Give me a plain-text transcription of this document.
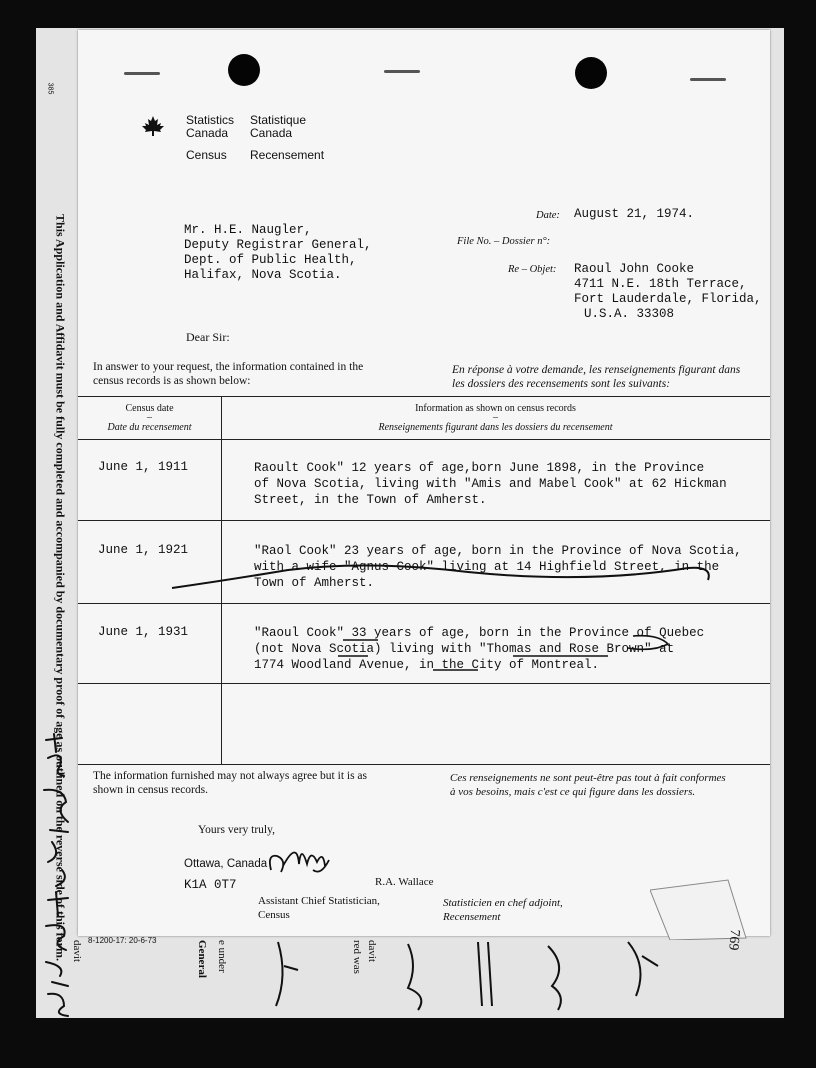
385
This Application and Affidavit must be fully completed and accompanied by documentary proof of age as outlined on the reverse side of this form.
Statistics
Canada
Statistique
Canada
Census Recensement
Mr. H.E. Naugler,
Deputy Registrar General,
Dept. of Public Health,
Halifax, Nova Scotia.
Date: August 21, 1974.
File No. – Dossier n°:
Re – Objet: Raoul John Cooke
4711 N.E. 18th Terrace,
Fort Lauderdale, Florida,
U.S.A. 33308
Dear Sir:
In answer to your request, the information contained in the
census records is as shown below:
En réponse à votre demande, les renseignements figurant dans
les dossiers des recensements sont les suivants:
Census date
–
Date du recensement
Information as shown on census records
–
Renseignements figurant dans les dossiers du recensement
June 1, 1911	Raoult Cook" 12 years of age,born June 1898, in the Province
of Nova Scotia, living with "Amis and Mabel Cook" at 62 Hickman
Street, in the Town of Amherst.
June 1, 1921	"Raol Cook" 23 years of age, born in the Province of Nova Scotia,
with a wife "Agnus Cook" living at 14 Highfield Street, in the
Town of Amherst.
June 1, 1931	"Raoul Cook" 33 years of age, born in the Province of Quebec
(not Nova Scotia) living with "Thomas and Rose Brown" at
1774 Woodland Avenue, in the City of Montreal.
The information furnished may not always agree but it is as
shown in census records.
Ces renseignements ne sont peut-être pas tout à fait conformes
à vos besoins, mais c'est ce qui figure dans les dossiers.
Yours very truly,
Ottawa, Canada
K1A 0T7	R.A. Wallace
Assistant Chief Statistician,
Census
Statisticien en chef adjoint,
Recensement
8-1200-17: 20-6-73	General e under	red was davit
davit
769
